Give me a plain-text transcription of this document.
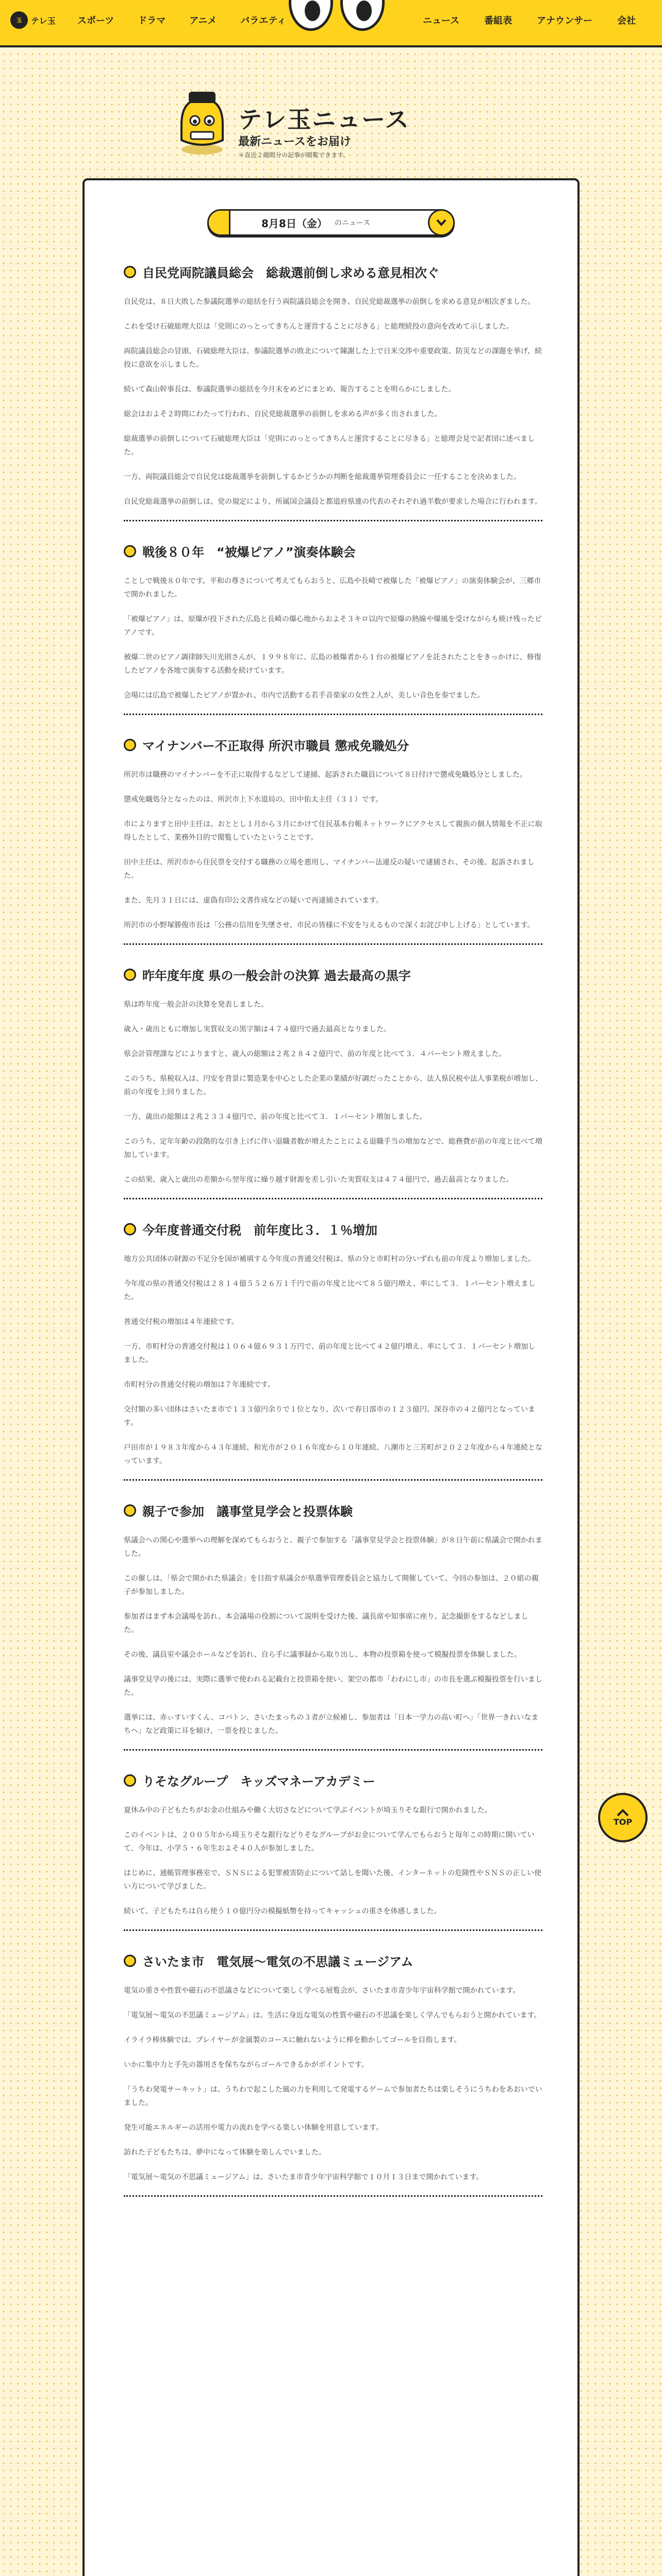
玉	テレ玉 スポーツ	ドラマ	アニメ	バラエティ	ニュース	番組表	アナウンサー	会社
テレ玉ニュース
最新ニュースをお届け
＊直近２週間分の記事が閲覧できます。
8月8日（金） のニュース
自民党両院議員総会　総裁選前倒し求める意見相次ぐ

自民党は、８日大敗した参議院選挙の総括を行う両院議員総会を開き、自民党総裁選挙の前倒しを求める意見が相次ぎました。

これを受け石破総理大臣は「党則にのっとってきちんと運営することに尽きる」と総理続投の意向を改めて示しました。

両院議員総会の冒頭、石破総理大臣は、参議院選挙の敗北について陳謝した上で日米交渉や重要政策、防災などの課題を挙げ、続投に意欲を示しました。

続いて森山幹事長は、参議院選挙の総括を今月末をめどにまとめ、報告することを明らかにしました。

総会はおよそ２時間にわたって行われ、自民党総裁選挙の前倒しを求める声が多く出されました。

総裁選挙の前倒しについて石破総理大臣は「党則にのっとってきちんと運営することに尽きる」と総理会見で記者団に述べました。

一方、両院議員総会で自民党は総裁選挙を前倒しするかどうかの判断を総裁選挙管理委員会に一任することを決めました。

自民党総裁選挙の前倒しは、党の規定により、所属国会議員と都道府県連の代表のそれぞれ過半数が要求した場合に行われます。

戦後８０年　“被爆ピアノ”演奏体験会

ことしで戦後８０年です。平和の尊さについて考えてもらおうと、広島や長崎で被爆した「被爆ピアノ」の演奏体験会が、三郷市で開かれました。

「被爆ピアノ」は、原爆が投下された広島と長崎の爆心地からおよそ３キロ以内で原爆の熱線や爆風を受けながらも焼け残ったピアノです。

被爆二世のピアノ調律師矢川光則さんが、１９９８年に、広島の被爆者から１台の被爆ピアノを託されたことをきっかけに、修復したピアノを各地で演奏する活動を続けています。

会場には広島で被爆したピアノが置かれ、市内で活動する若手音楽家の女性２人が、美しい音色を奏でました。

マイナンバー不正取得 所沢市職員 懲戒免職処分

所沢市は職務のマイナンバーを不正に取得するなどして逮捕、起訴された職員について８日付けで懲戒免職処分としました。

懲戒免職処分となったのは、所沢市上下水道局の、田中佑太主任（３１）です。

市によりますと田中主任は、おととし１月から３月にかけて住民基本台帳ネットワークにアクセスして親族の個人情報を不正に取得したとして、業務外目的で閲覧していたということです。

田中主任は、所沢市から住民票を交付する職務の立場を悪用し、マイナンバー法違反の疑いで逮捕され、その後、起訴されました。

また、先月３１日には、虚偽有印公文書作成などの疑いで再逮捕されています。

所沢市の小野塚勝俊市長は「公務の信用を失墜させ、市民の皆様に不安を与えるもので深くお詫び申し上げる」としています。

昨年度年度 県の一般会計の決算 過去最高の黒字

県は昨年度一般会計の決算を発表しました。

歳入・歳出ともに増加し実質収支の黒字額は４７４億円で過去最高となりました。

県会計管理課などによりますと、歳入の総額は２兆２８４２億円で、前の年度と比べて３．４パーセント増えました。

このうち、県税収入は、円安を背景に製造業を中心とした企業の業績が好調だったことから、法人県民税や法人事業税が増加し、前の年度を上回りました。

一方、歳出の総額は２兆２３３４億円で、前の年度と比べて３．１パーセント増加しました。

このうち、定年年齢の段階的な引き上げに伴い退職者数が増えたことによる退職手当の増加などで、総務費が前の年度と比べて増加しています。

この結果、歳入と歳出の差額から翌年度に繰り越す財源を差し引いた実質収支は４７４億円で、過去最高となりました。

今年度普通交付税　前年度比３．１％増加

地方公共団体の財源の不足分を国が補填する今年度の普通交付税は、県の分と市町村の分いずれも前の年度より増加しました。

今年度の県の普通交付税は２８１４億５５２６万１千円で前の年度と比べて８５億円増え、率にして３．１パーセント増えました。

普通交付税の増加は４年連続です。

一方、市町村分の普通交付税は１０６４億６９３１万円で、前の年度と比べて４２億円増え、率にして３．１パーセント増加しました。

市町村分の普通交付税の増加は７年連続です。

交付額の多い団体はさいたま市で１３３億円余りで１位となり、次いで春日部市の１２３億円、深谷市の４２億円となっています。

戸田市が１９８３年度から４３年連続、和光市が２０１６年度から１０年連続、八潮市と三芳町が２０２２年度から４年連続となっています。

親子で参加　議事堂見学会と投票体験

県議会への関心や選挙への理解を深めてもらおうと、親子で参加する「議事堂見学会と投票体験」が８日午前に県議会で開かれました。

この催しは、「県会で開かれた県議会」を目指す県議会が県選挙管理委員会と協力して開催していて、今回の参加は、２０組の親子が参加しました。

参加者はまず本会議場を訪れ、本会議場の役割について説明を受けた後、議長席や知事席に座り、記念撮影をするなどしました。

その後、議員室や議会ホールなどを訪れ、自ら手に議事録から取り出し、本物の投票箱を使って模擬投票を体験しました。

議事堂見学の後には、実際に選挙で使われる記載台と投票箱を使い、架空の都市「わわにし市」の市長を選ぶ模擬投票を行いました。

選挙には、赤ぃすいすくん、コバトン、さいたまっちの３者が立候補し、参加者は「日本一学力の高い町へ」「世界一きれいなまちへ」など政策に耳を傾け、一票を投じました。

りそなグループ　キッズマネーアカデミー

夏休み中の子どもたちがお金の仕組みや働く大切さなどについて学ぶイベントが埼玉りそな銀行で開かれました。

このイベントは、２００５年から埼玉りそな銀行などりそなグループがお金について学んでもらおうと毎年この時期に開いていて、今年は、小学５・６年生およそ４０人が参加しました。

はじめに、通帳管理事務室で、ＳＮＳによる犯罪被害防止について話しを聞いた後、インターネットの危険性やＳＮＳの正しい使い方について学びました。

続いて、子どもたちは自ら使う１０億円分の模擬紙幣を持ってキャッシュの重さを体感しました。

さいたま市　電気展〜電気の不思議ミュージアム

電気の重さや性質や磁石の不思議さなどについて楽しく学べる展覧会が、さいたま市青少年宇宙科学館で開かれています。

「電気展〜電気の不思議ミュージアム」は、生活に身近な電気の性質や磁石の不思議を楽しく学んでもらおうと開かれています。

イライラ棒体験では、プレイヤーが金属製のコースに触れないように棒を動かしてゴールを目指します。

いかに集中力と手先の器用さを保ちながらゴールできるかがポイントです。

「うちわ発電サーキット」は、うちわで起こした風の力を利用して発電するゲームで参加者たちは楽しそうにうちわをあおいでいました。

発生可能エネルギーの活用や電力の流れを学べる楽しい体験を用意しています。

訪れた子どもたちは、夢中になって体験を楽しんでいました。

「電気展〜電気の不思議ミュージアム」は、さいたま市青少年宇宙科学館で１０月１３日まで開かれています。

TOP
